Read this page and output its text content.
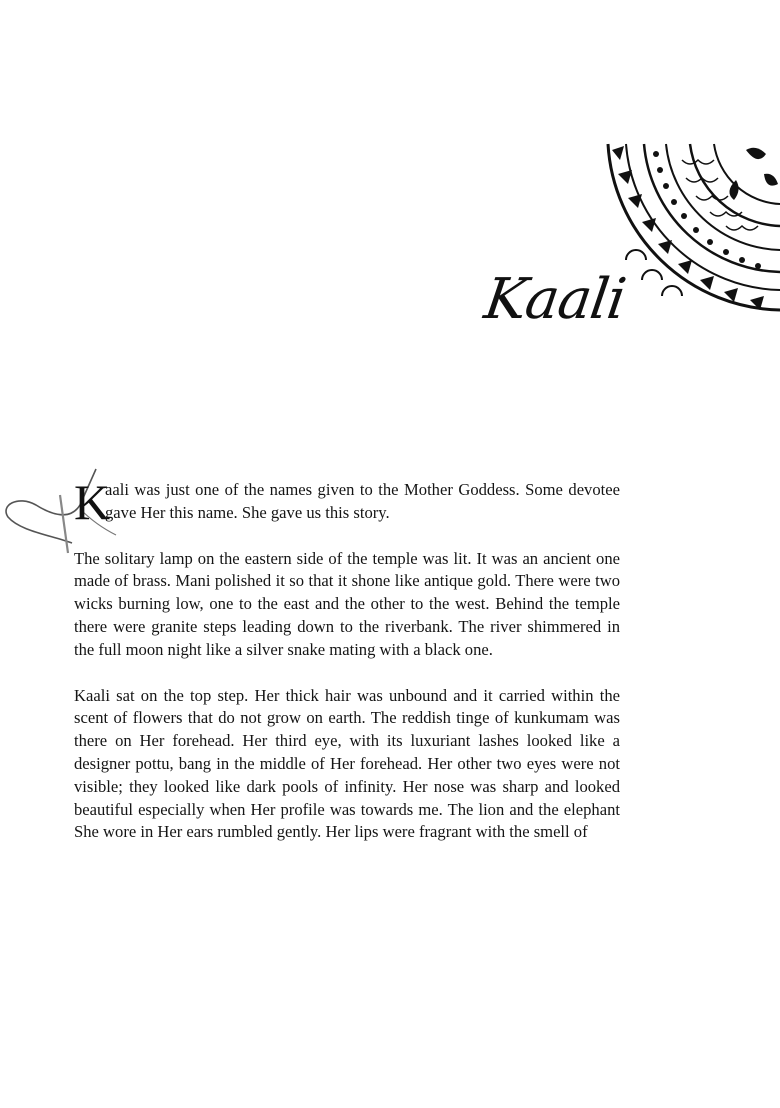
Kaali

K
aali was just one of the names given to the Mother Goddess. Some devotee gave Her this name. She gave us this story.

The solitary lamp on the eastern side of the temple was lit. It was an ancient one made of brass. Mani polished it so that it shone like antique gold. There were two wicks burning low, one to the east and the other to the west. Behind the temple there were granite steps leading down to the riverbank. The river shimmered in the full moon night like a silver snake mating with a black one.

Kaali sat on the top step. Her thick hair was unbound and it carried within the scent of flowers that do not grow on earth. The reddish tinge of kunkumam was there on Her forehead. Her third eye, with its luxuriant lashes looked like a designer pottu, bang in the middle of Her forehead. Her other two eyes were not visible; they looked like dark pools of infinity. Her nose was sharp and looked beautiful especially when Her profile was towards me. The lion and the elephant She wore in Her ears rumbled gently. Her lips were fragrant with the smell of
